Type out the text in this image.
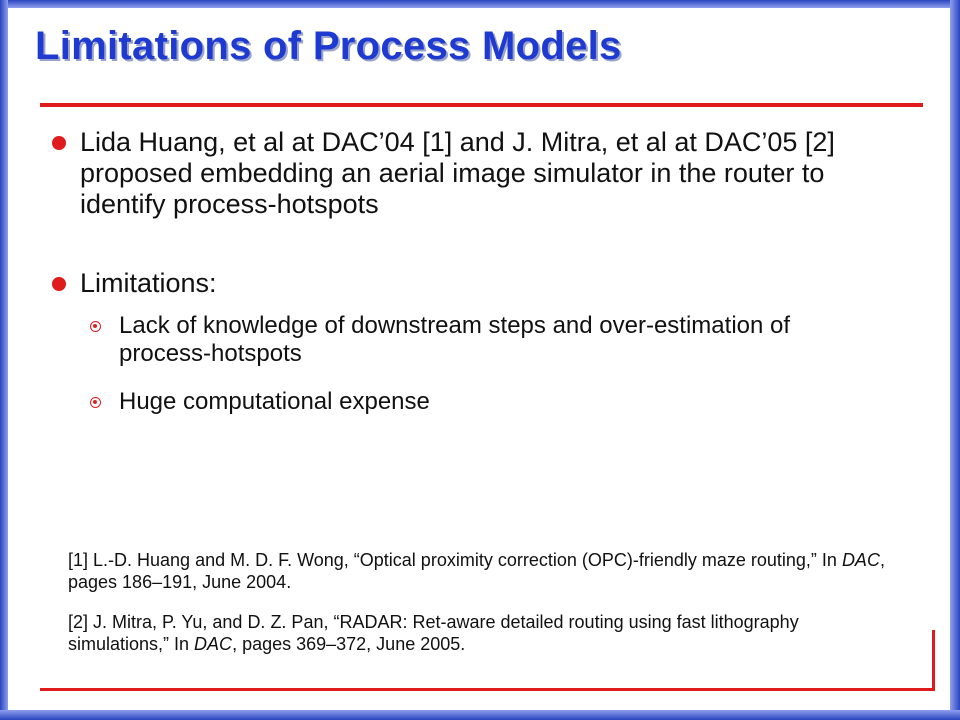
Limitations of Process Models
Lida Huang, et al at DAC’04 [1] and J. Mitra, et al at DAC’05 [2] proposed embedding an aerial image simulator in the router to identify process-hotspots
Limitations:
Lack of knowledge of downstream steps and over-estimation of process-hotspots
Huge computational expense
[1] L.-D. Huang and M. D. F. Wong, “Optical proximity correction (OPC)-friendly maze routing,” In DAC, pages 186–191, June 2004.
[2] J. Mitra, P. Yu, and D. Z. Pan, “RADAR: Ret-aware detailed routing using fast lithography simulations,” In DAC, pages 369–372, June 2005.
